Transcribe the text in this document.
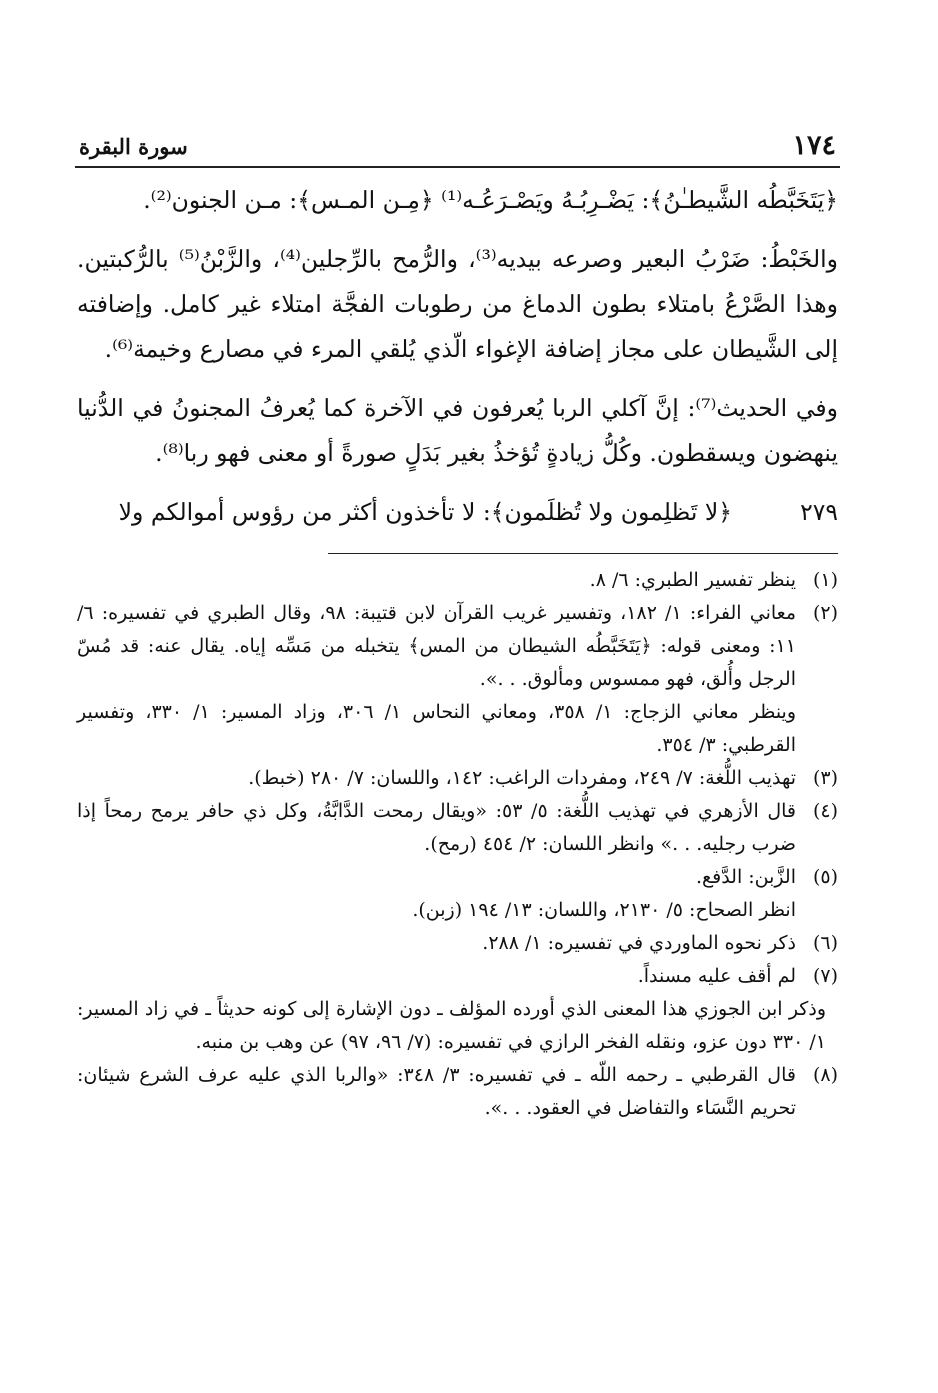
١٧٤
سورة البقرة

﴿يَتَخَبَّطُه الشَّيطـٰنُ﴾: يَضْـرِبُـهُ ويَصْـرَعُـه⁽¹⁾ ﴿مِـن المـس﴾: مـن الجنون⁽²⁾.

والخَبْطُ: ضَرْبُ البعير وصرعه بيديه⁽³⁾، والرُّمح بالرِّجلين⁽⁴⁾، والزَّبْنُ⁽⁵⁾ بالرُّكبتين. وهذا الصَّرْعُ بامتلاء بطون الدماغ من رطوبات الفجَّة امتلاء غير كامل. وإضافته إلى الشَّيطان على مجاز إضافة الإغواء الّذي يُلقي المرء في مصارع وخيمة⁽⁶⁾.

وفي الحديث⁽⁷⁾: إنَّ آكلي الربا يُعرفون في الآخرة كما يُعرفُ المجنونُ في الدُّنيا ينهضون ويسقطون. وكُلُّ زيادةٍ تُؤخذُ بغير بَدَلٍ صورةً أو معنى فهو ربا⁽⁸⁾.

٢٧٩
﴿لا تَظلِمون ولا تُظلَمون﴾: لا تأخذون أكثر من رؤوس أموالكم ولا
(١)
ينظر تفسير الطبري: ٦/ ٨.
(٢)
معاني الفراء: ١/ ١٨٢، وتفسير غريب القرآن لابن قتيبة: ٩٨، وقال الطبري في تفسيره: ٦/ ١١: ومعنى قوله: ﴿يَتَخَبَّطُه الشيطان من المس﴾ يتخبله من مَسِّه إياه. يقال عنه: قد مُسّ الرجل وأُلق، فهو ممسوس ومألوق. . .».
وينظر معاني الزجاج: ١/ ٣٥٨، ومعاني النحاس ١/ ٣٠٦، وزاد المسير: ١/ ٣٣٠، وتفسير القرطبي: ٣/ ٣٥٤.
(٣)
تهذيب اللُّغة: ٧/ ٢٤٩، ومفردات الراغب: ١٤٢، واللسان: ٧/ ٢٨٠ (خبط).
(٤)
قال الأزهري في تهذيب اللُّغة: ٥/ ٥٣: «ويقال رمحت الدَّابَّةُ، وكل ذي حافر يرمح رمحاً إذا ضرب رجليه. . .» وانظر اللسان: ٢/ ٤٥٤ (رمح).
(٥)
الزَّبن: الدَّفع.
انظر الصحاح: ٥/ ٢١٣٠، واللسان: ١٣/ ١٩٤ (زبن).
(٦)
ذكر نحوه الماوردي في تفسيره: ١/ ٢٨٨.
(٧)
لم أقف عليه مسنداً.
وذكر ابن الجوزي هذا المعنى الذي أورده المؤلف ـ دون الإشارة إلى كونه حديثاً ـ في زاد المسير: ١/ ٣٣٠ دون عزو، ونقله الفخر الرازي في تفسيره: (٧/ ٩٦، ٩٧) عن وهب بن منبه.
(٨)
قال القرطبي ـ رحمه اللّه ـ في تفسيره: ٣/ ٣٤٨: «والربا الذي عليه عرف الشرع شيئان: تحريم النَّسَاء والتفاضل في العقود. . .».
